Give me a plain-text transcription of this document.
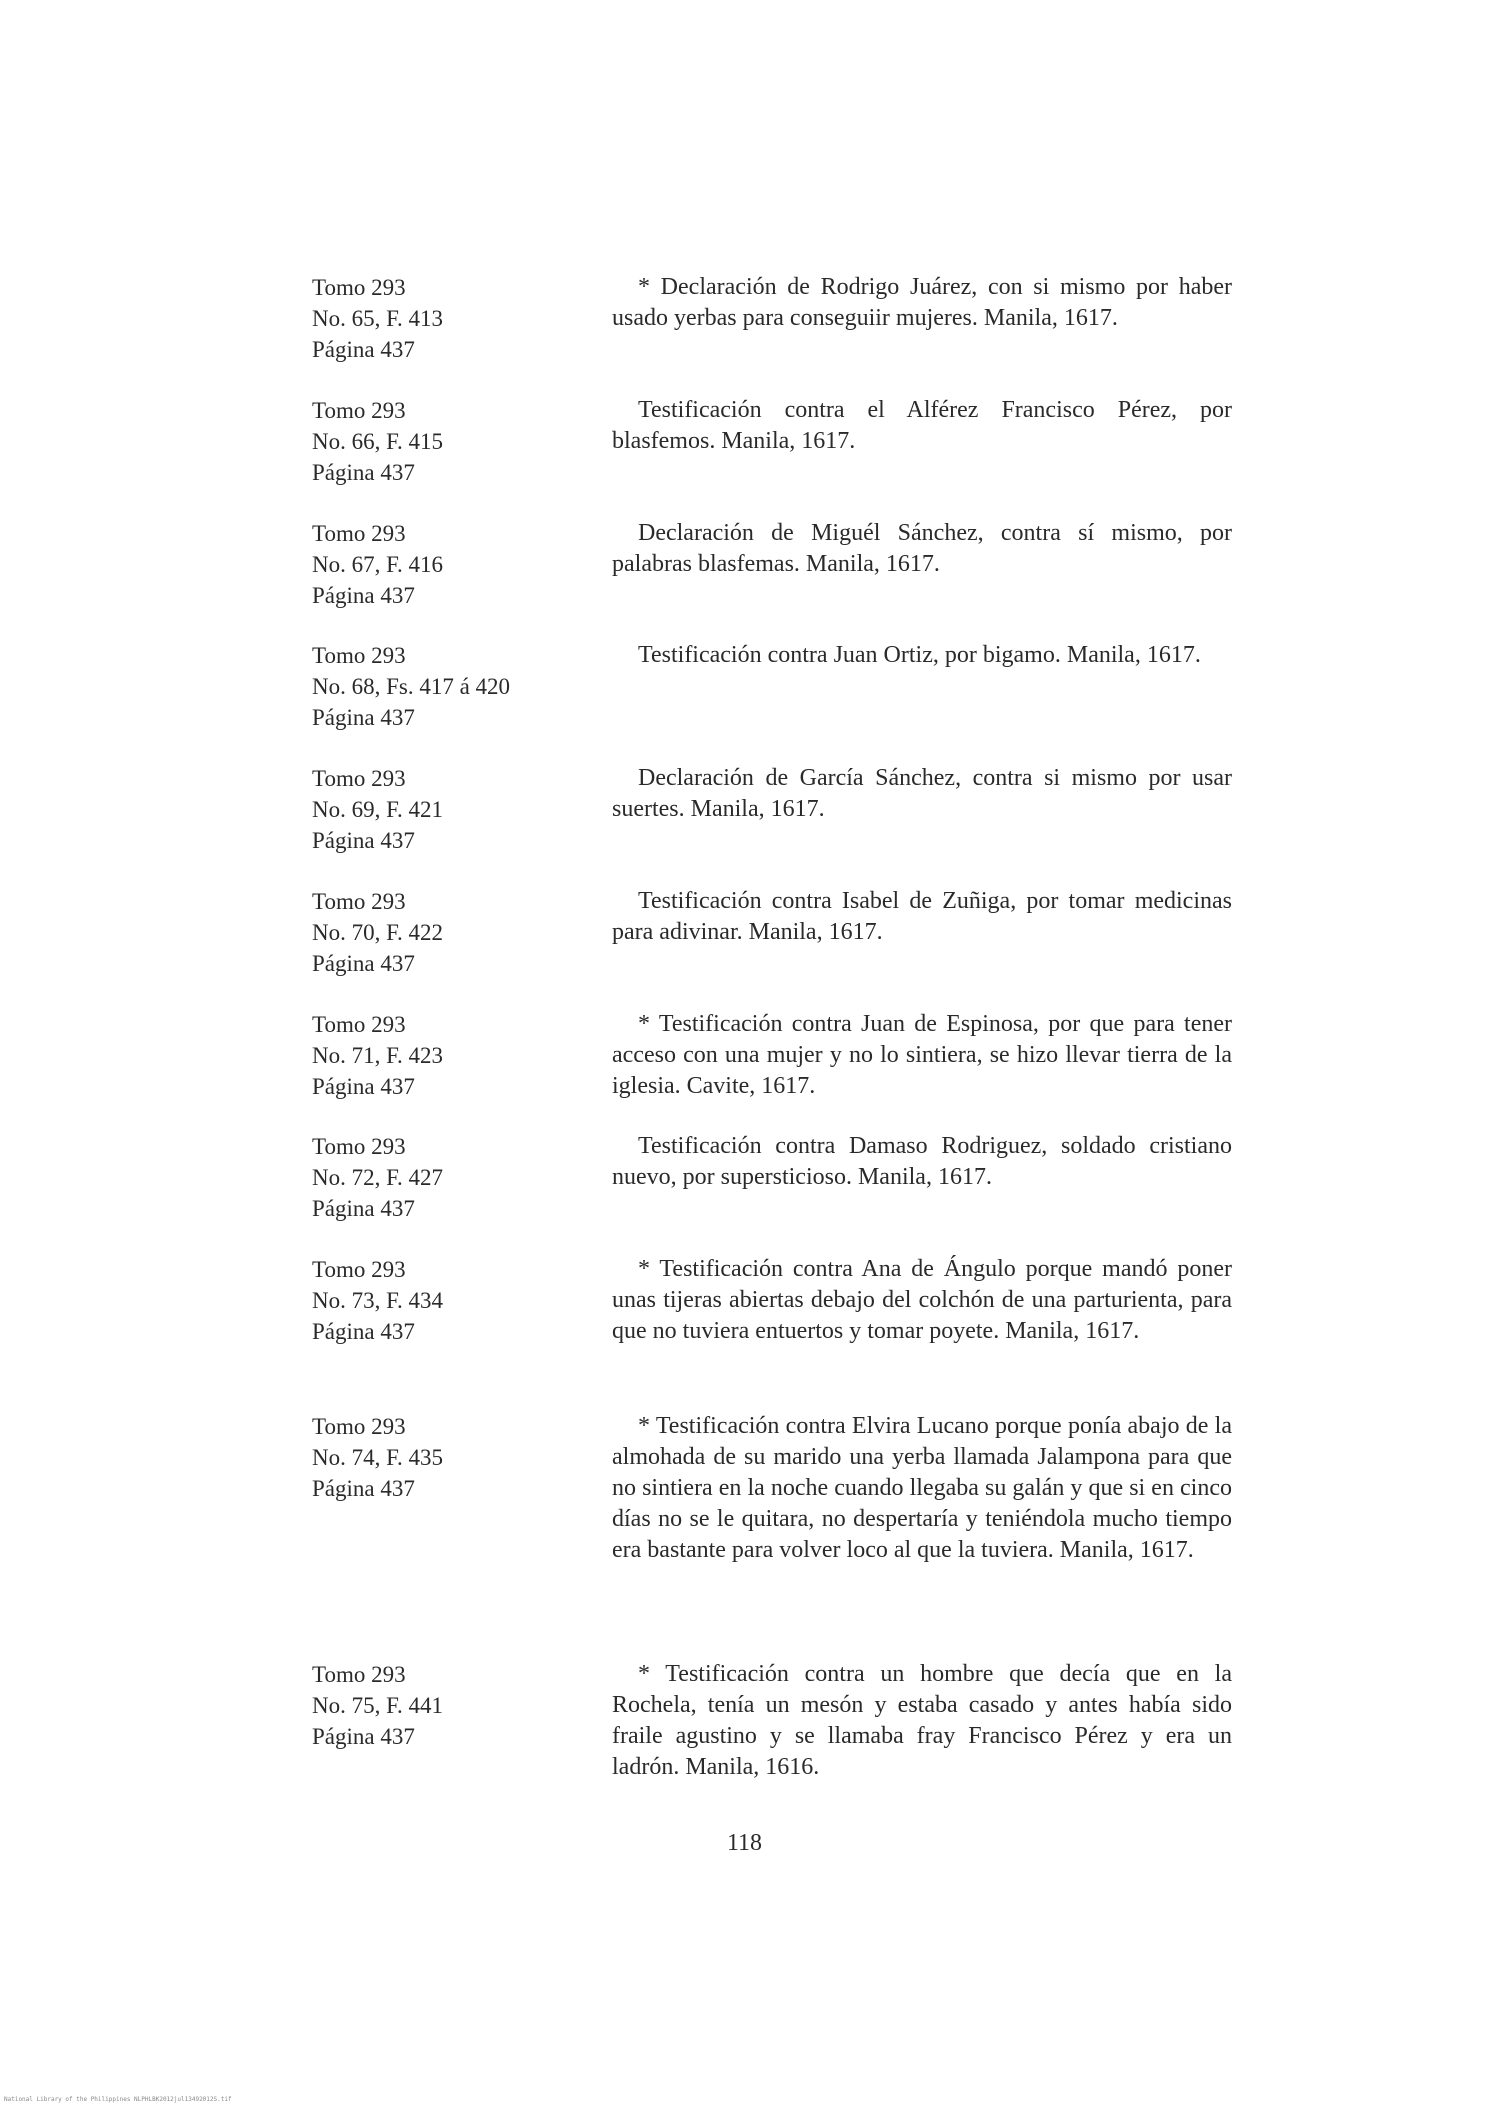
Tomo 293
No. 65, F. 413
Página 437
* Declaración de Rodrigo Juárez, con si mismo por haber usado yerbas para conseguiir mujeres. Manila, 1617.
Tomo 293
No. 66, F. 415
Página 437
Testificación contra el Alférez Francisco Pérez, por blasfemos. Manila, 1617.
Tomo 293
No. 67, F. 416
Página 437
Declaración de Miguél Sánchez, contra sí mismo, por palabras blasfemas. Manila, 1617.
Tomo 293
No. 68, Fs. 417 á 420
Página 437
Testificación contra Juan Ortiz, por bigamo. Manila, 1617.
Tomo 293
No. 69, F. 421
Página 437
Declaración de García Sánchez, contra si mismo por usar suertes. Manila, 1617.
Tomo 293
No. 70, F. 422
Página 437
Testificación contra Isabel de Zuñiga, por tomar medicinas para adivinar. Manila, 1617.
Tomo 293
No. 71, F. 423
Página 437
* Testificación contra Juan de Espinosa, por que para tener acceso con una mujer y no lo sintiera, se hizo llevar tierra de la iglesia. Cavite, 1617.
Tomo 293
No. 72, F. 427
Página 437
Testificación contra Damaso Rodriguez, soldado cristiano nuevo, por supersticioso. Manila, 1617.
Tomo 293
No. 73, F. 434
Página 437
* Testificación contra Ana de Ángulo porque mandó poner unas tijeras abiertas debajo del colchón de una parturienta, para que no tuviera entuertos y tomar poyete. Manila, 1617.
Tomo 293
No. 74, F. 435
Página 437
* Testificación contra Elvira Lucano porque ponía abajo de la almohada de su marido una yerba llamada Jalampona para que no sintiera en la noche cuando llegaba su galán y que si en cinco días no se le quitara, no despertaría y teniéndola mucho tiempo era bastante para volver loco al que la tuviera. Manila, 1617.
Tomo 293
No. 75, F. 441
Página 437
* Testificación contra un hombre que decía que en la Rochela, tenía un mesón y estaba casado y antes había sido fraile agustino y se llamaba fray Francisco Pérez y era un ladrón. Manila, 1616.
118
National Library of the Philippines NLPHLBK2012jul13492012S.tif
